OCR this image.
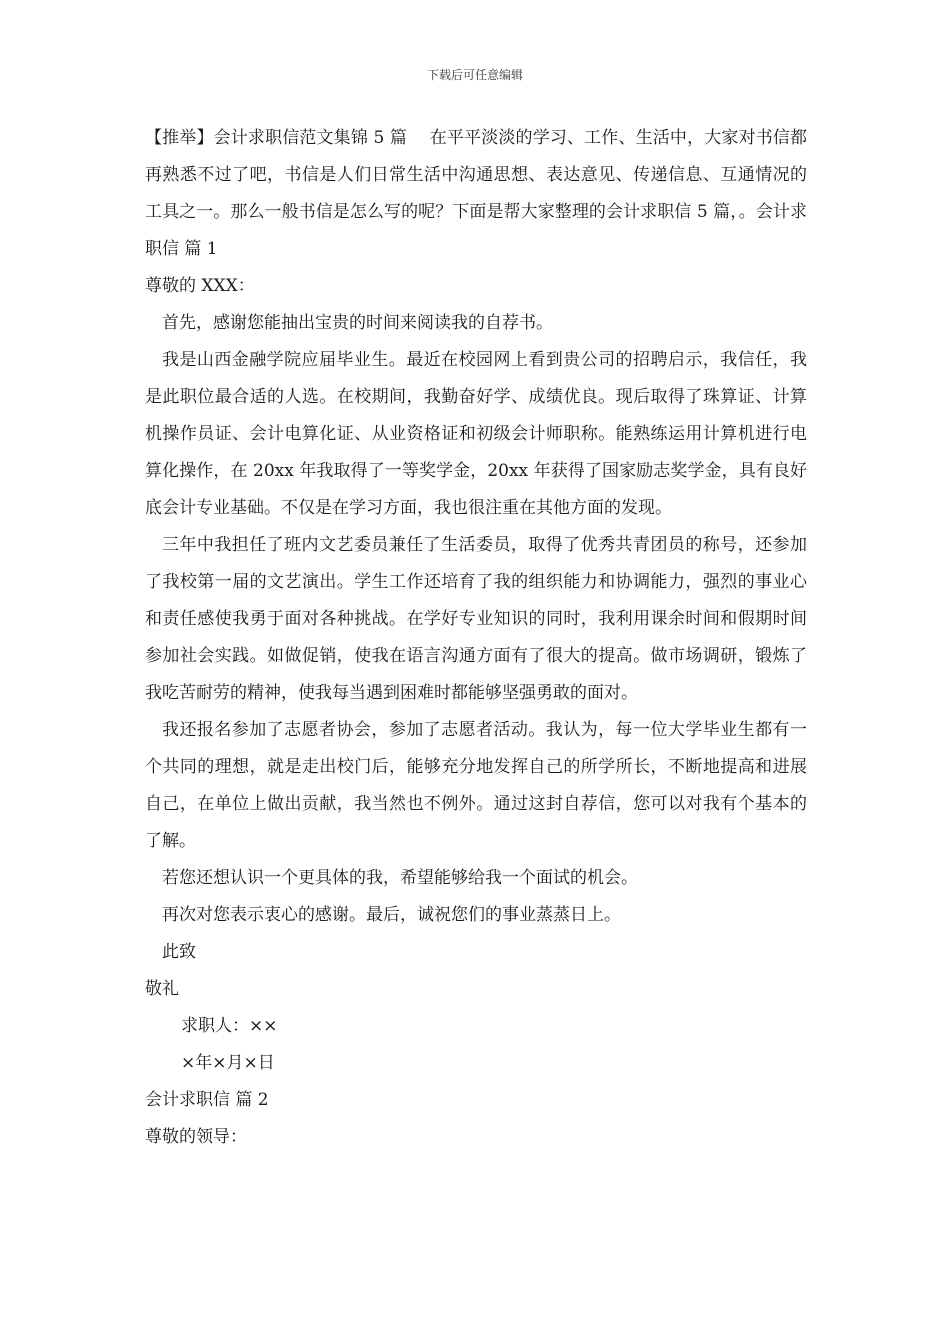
下载后可任意编辑

【推举】会计求职信范文集锦 5 篇　 在平平淡淡的学习、工作、生活中，大家对书信都再熟悉不过了吧，书信是人们日常生活中沟通思想、表达意见、传递信息、互通情况的工具之一。那么一般书信是怎么写的呢？下面是帮大家整理的会计求职信 5 篇，。会计求职信 篇 1

尊敬的 XXX：

首先，感谢您能抽出宝贵的时间来阅读我的自荐书。

我是山西金融学院应届毕业生。最近在校园网上看到贵公司的招聘启示，我信任，我是此职位最合适的人选。在校期间，我勤奋好学、成绩优良。现后取得了珠算证、计算机操作员证、会计电算化证、从业资格证和初级会计师职称。能熟练运用计算机进行电算化操作，在 20xx 年我取得了一等奖学金，20xx 年获得了国家励志奖学金，具有良好底会计专业基础。不仅是在学习方面，我也很注重在其他方面的发现。

三年中我担任了班内文艺委员兼任了生活委员，取得了优秀共青团员的称号，还参加了我校第一届的文艺演出。学生工作还培育了我的组织能力和协调能力，强烈的事业心和责任感使我勇于面对各种挑战。在学好专业知识的同时，我利用课余时间和假期时间参加社会实践。如做促销，使我在语言沟通方面有了很大的提高。做市场调研，锻炼了我吃苦耐劳的精神，使我每当遇到困难时都能够坚强勇敢的面对。

我还报名参加了志愿者协会，参加了志愿者活动。我认为，每一位大学毕业生都有一个共同的理想，就是走出校门后，能够充分地发挥自己的所学所长，不断地提高和进展自己，在单位上做出贡献，我当然也不例外。通过这封自荐信，您可以对我有个基本的了解。

若您还想认识一个更具体的我，希望能够给我一个面试的机会。

再次对您表示衷心的感谢。最后，诚祝您们的事业蒸蒸日上。

此致

敬礼

求职人：××

×年×月×日

会计求职信 篇 2

尊敬的领导：
